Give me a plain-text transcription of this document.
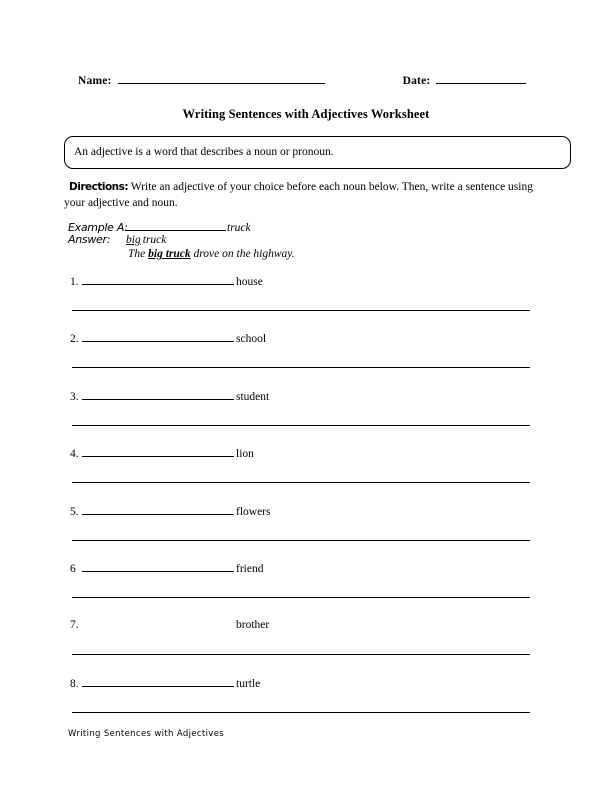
Name:	Date:
Writing Sentences with Adjectives Worksheet
An adjective is a word that describes a noun or pronoun.
Directions: Write an adjective of your choice before each noun below. Then, write a sentence using your adjective and noun.
Example A:	truck
Answer:	big truck
The big truck drove on the highway.
1.	house
2.	school
3.	student
4.	lion
5.	flowers
6	friend
7.	brother
8.	turtle
Writing Sentences with Adjectives
